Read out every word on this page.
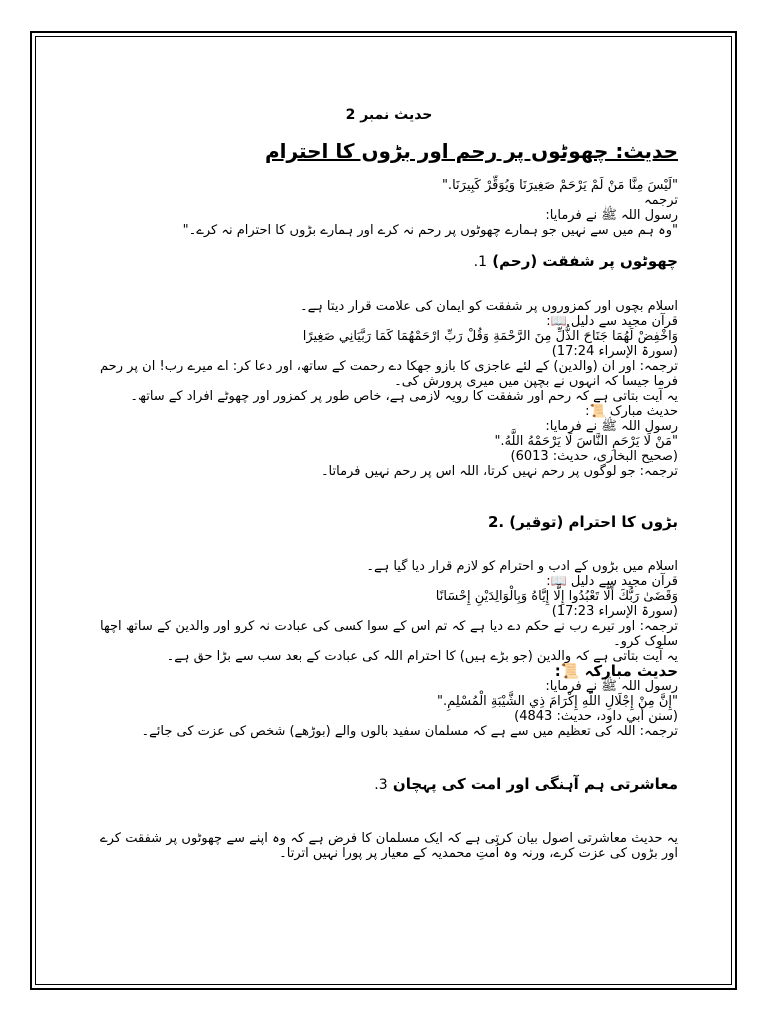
حدیث نمبر 2

حدیث: چھوٹوں پر رحم اور بڑوں کا احترام

"لَيْسَ مِنَّا مَنْ لَمْ يَرْحَمْ صَغِيرَنَا وَيُوَقِّرْ كَبِيرَنَا."

ترجمہ

رسول اللہ ﷺ نے فرمایا:

"وہ ہم میں سے نہیں جو ہمارے چھوٹوں پر رحم نہ کرے اور ہمارے بڑوں کا احترام نہ کرے۔"

چھوٹوں پر شفقت (رحم) 1.

اسلام بچوں اور کمزوروں پر شفقت کو ایمان کی علامت قرار دیتا ہے۔

قرآن مجید سے دلیل 📖:

وَاخْفِضْ لَهُمَا جَنَاحَ الذُّلِّ مِنَ الرَّحْمَةِ وَقُلْ رَبِّ ارْحَمْهُمَا كَمَا رَبَّيَانِي صَغِيرًا

(سورۃ الإسراء 17:24)

ترجمہ: اور ان (والدین) کے لئے عاجزی کا بازو جھکا دے رحمت کے ساتھ، اور دعا کر: اے میرے رب! ان پر رحم فرما جیسا کہ انہوں نے بچپن میں میری پرورش کی۔

یہ آیت بتاتی ہے کہ رحم اور شفقت کا رویہ لازمی ہے، خاص طور پر کمزور اور چھوٹے افراد کے ساتھ۔

حدیث مبارک 📜:

رسول اللہ ﷺ نے فرمایا:

"مَنْ لَا يَرْحَمِ النَّاسَ لَا يَرْحَمْهُ اللَّهُ."

(صحیح البخاری، حدیث: 6013)

ترجمہ: جو لوگوں پر رحم نہیں کرتا، اللہ اس پر رحم نہیں فرماتا۔

بڑوں کا احترام (توقیر) .2

اسلام میں بڑوں کے ادب و احترام کو لازم قرار دیا گیا ہے۔

قرآن مجید سے دلیل 📖:

وَقَضَىٰ رَبُّكَ أَلَّا تَعْبُدُوا إِلَّا إِيَّاهُ وَبِالْوَالِدَيْنِ إِحْسَانًا

(سورۃ الإسراء 17:23)

ترجمہ: اور تیرے رب نے حکم دے دیا ہے کہ تم اس کے سوا کسی کی عبادت نہ کرو اور والدین کے ساتھ اچھا سلوک کرو۔

یہ آیت بتاتی ہے کہ والدین (جو بڑے ہیں) کا احترام اللہ کی عبادت کے بعد سب سے بڑا حق ہے۔

حدیث مبارکہ 📜:

رسول اللہ ﷺ نے فرمایا:

"إِنَّ مِنْ إِجْلَالِ اللَّهِ إِكْرَامَ ذِي الشَّيْبَةِ الْمُسْلِمِ."

(سنن أبي داود، حدیث: 4843)

ترجمہ: اللہ کی تعظیم میں سے ہے کہ مسلمان سفید بالوں والے (بوڑھے) شخص کی عزت کی جائے۔

معاشرتی ہم آہنگی اور امت کی پہچان 3.

یہ حدیث معاشرتی اصول بیان کرتی ہے کہ ایک مسلمان کا فرض ہے کہ وہ اپنے سے چھوٹوں پر شفقت کرے اور بڑوں کی عزت کرے، ورنہ وہ اُمتِ محمدیہ کے معیار پر پورا نہیں اترتا۔
